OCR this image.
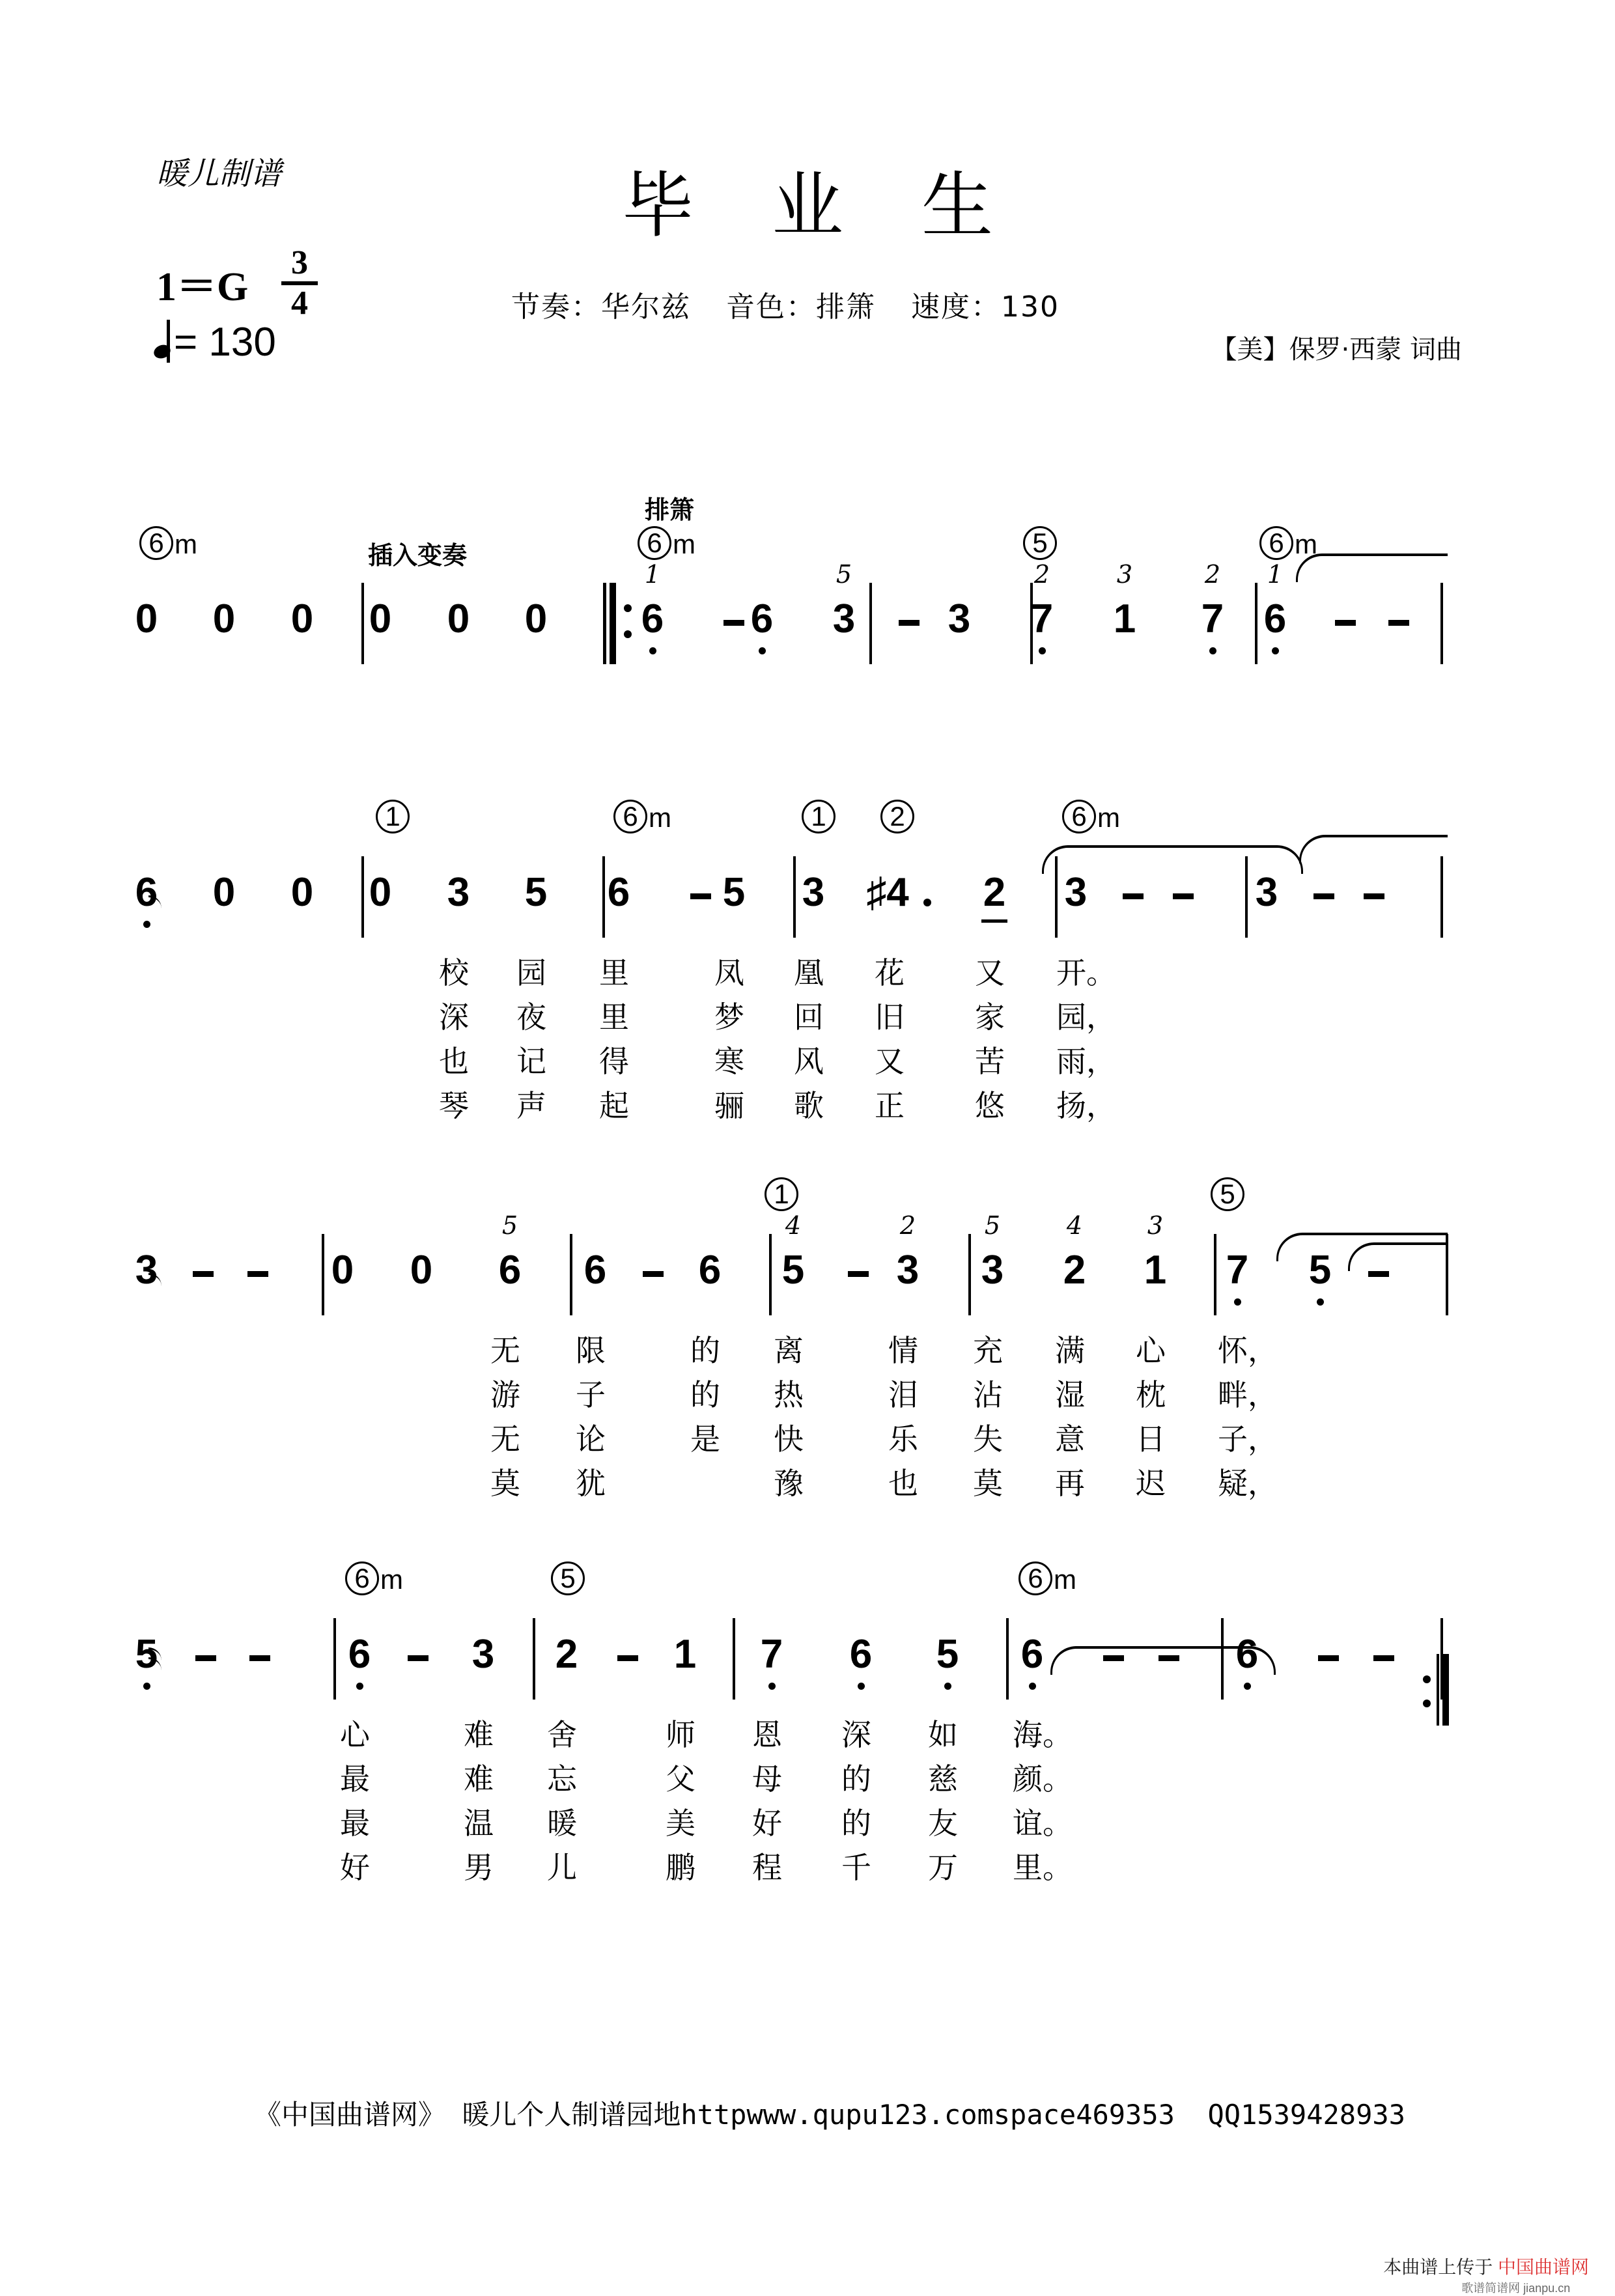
暖儿制谱	毕业生
1＝G
3
4
= 130
节奏：华尔兹 音色：排箫 速度：130
【美】保罗·西蒙 词曲
排箫
插入变奏
0 0 0 0 0 0 6
1
6 3
5
3 7
2
1
3
7
2
6
1
6 m	6 m	5	6 m
6 0 0 0 3 5 6 5 3 ♯4 2 3	3
1	6 m	1	2	6 m
校	园	里	凤	凰	花	又	开。
深	夜	里	梦	回	旧	家	园，
也	记	得	寒	风	又	苦	雨，
琴	声	起	骊	歌	正	悠	扬，
3	0 0 6
5
6 6 5
4
3
2
3
5
2
4
1
3
7 5
1	5
无	限	的	离	情	充	满	心	怀，
游	子	的	热	泪	沾	湿	枕	畔，
无	论	是	快	乐	失	意	日	子，
莫	犹	豫	也	莫	再	迟	疑，
5	6	3 2 1 7 6 5 6	6
6 m	5	6 m
心	难	舍	师	恩	深	如	海。
最	难	忘	父	母	的	慈	颜。
最	温	暖	美	好	的	友	谊。
好	男	儿	鹏	程	千	万	里。
《中国曲谱网》 暖儿个人制谱园地httpwww.qupu123.comspace469353 QQ1539428933
本曲谱上传于 中国曲谱网
歌谱简谱网 jianpu.cn
